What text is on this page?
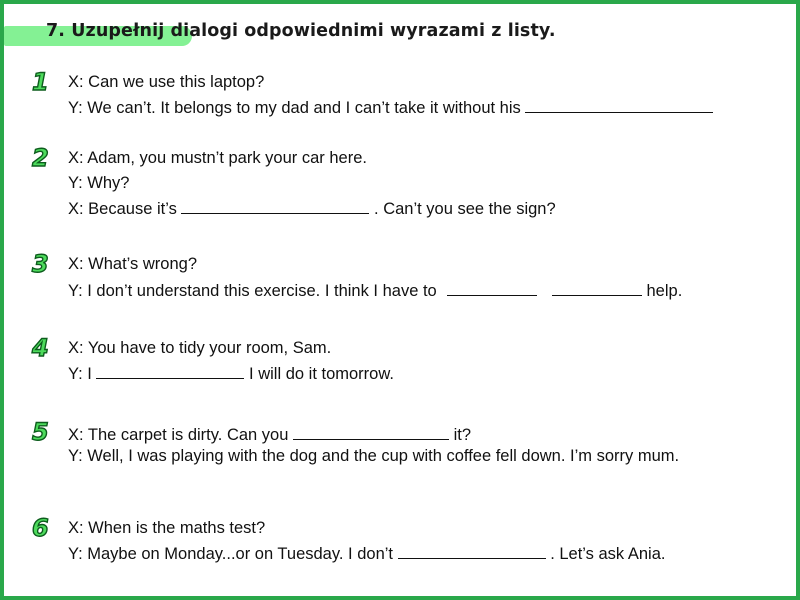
7. Uzupełnij dialogi odpowiednimi wyrazami z listy.
1	X: Can we use this laptop?
Y: We can’t. It belongs to my dad and I can’t take it without his
2	X: Adam, you mustn’t park your car here.
Y: Why?
X: Because it’s	. Can’t you see the sign?
3	X: What’s wrong?
Y: I don’t understand this exercise. I think I have to	help.
4	X: You have to tidy your room, Sam.
Y: I	I will do it tomorrow.
5	X: The carpet is dirty. Can you	it?
Y: Well, I was playing with the dog and the cup with coffee fell down. I’m sorry mum.
6	X: When is the maths test?
Y: Maybe on Monday...or on Tuesday. I don’t	. Let’s ask Ania.
